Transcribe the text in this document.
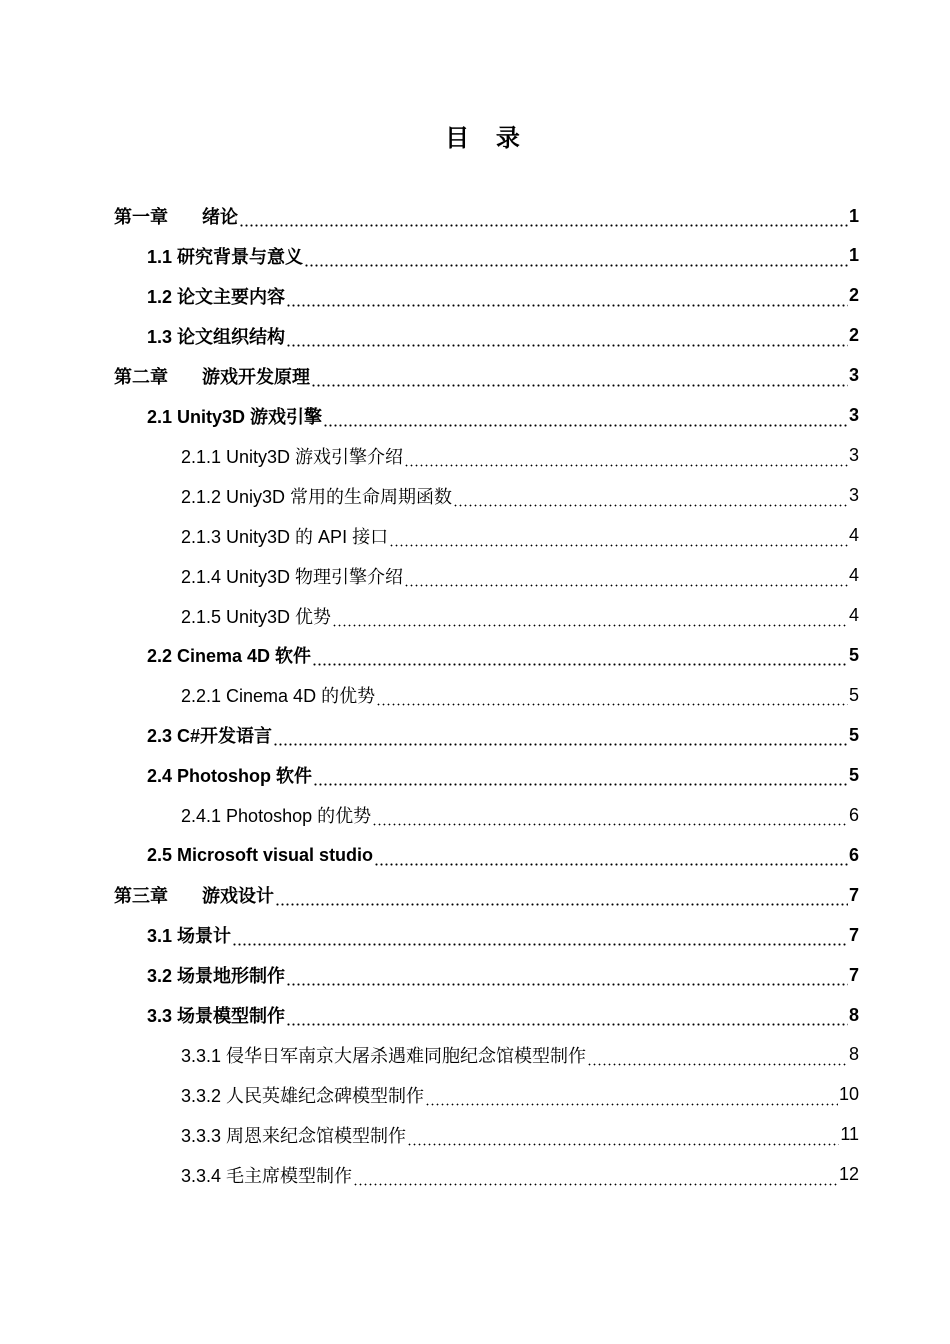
目 录
第一章 绪论	1
1.1 研究背景与意义	1
1.2 论文主要内容	2
1.3 论文组织结构	2
第二章 游戏开发原理	3
2.1 Unity3D 游戏引擎	3
2.1.1 Unity3D 游戏引擎介绍	3
2.1.2 Uniy3D 常用的生命周期函数	3
2.1.3 Unity3D 的 API 接口	4
2.1.4 Unity3D 物理引擎介绍	4
2.1.5 Unity3D 优势	4
2.2 Cinema 4D 软件	5
2.2.1 Cinema 4D 的优势	5
2.3 C#开发语言	5
2.4 Photoshop 软件	5
2.4.1 Photoshop 的优势	6
2.5 Microsoft visual studio	6
第三章 游戏设计	7
3.1 场景计	7
3.2 场景地形制作	7
3.3 场景模型制作	8
3.3.1 侵华日军南京大屠杀遇难同胞纪念馆模型制作	8
3.3.2 人民英雄纪念碑模型制作	10
3.3.3 周恩来纪念馆模型制作	11
3.3.4 毛主席模型制作	12
